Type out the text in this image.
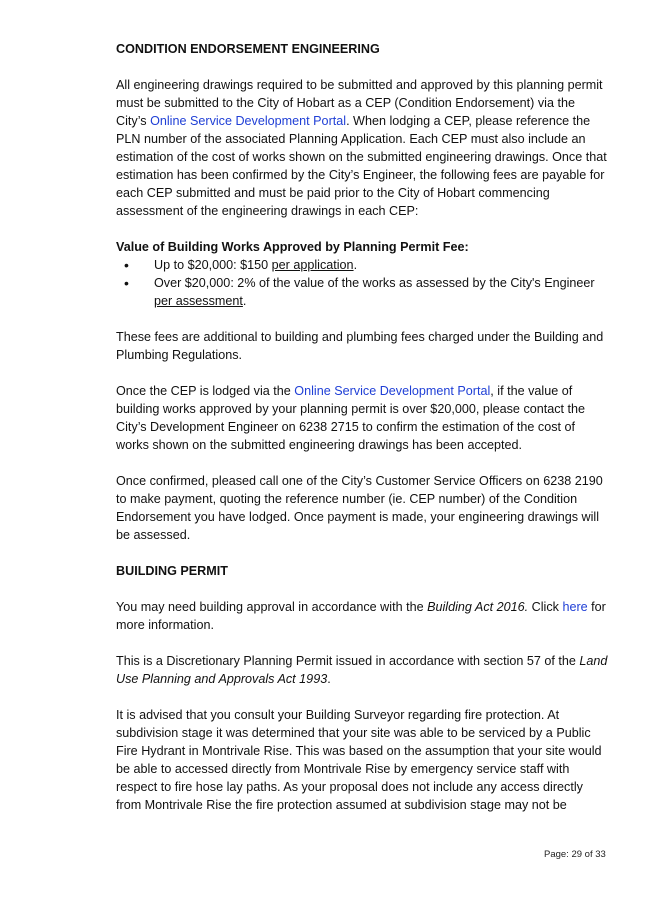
CONDITION ENDORSEMENT ENGINEERING

All engineering drawings required to be submitted and approved by this planning permit must be submitted to the City of Hobart as a CEP (Condition Endorsement) via the City’s Online Service Development Portal. When lodging a CEP, please reference the PLN number of the associated Planning Application. Each CEP must also include an estimation of the cost of works shown on the submitted engineering drawings. Once that estimation has been confirmed by the City’s Engineer, the following fees are payable for each CEP submitted and must be paid prior to the City of Hobart commencing assessment of the engineering drawings in each CEP:

Value of Building Works Approved by Planning Permit Fee:
• Up to $20,000: $150 per application.
• Over $20,000: 2% of the value of the works as assessed by the City's Engineer per assessment.

These fees are additional to building and plumbing fees charged under the Building and Plumbing Regulations.

Once the CEP is lodged via the Online Service Development Portal, if the value of building works approved by your planning permit is over $20,000, please contact the City’s Development Engineer on 6238 2715 to confirm the estimation of the cost of works shown on the submitted engineering drawings has been accepted.

Once confirmed, pleased call one of the City’s Customer Service Officers on 6238 2190 to make payment, quoting the reference number (ie. CEP number) of the Condition Endorsement you have lodged. Once payment is made, your engineering drawings will be assessed.

BUILDING PERMIT

You may need building approval in accordance with the Building Act 2016. Click here for more information.

This is a Discretionary Planning Permit issued in accordance with section 57 of the Land Use Planning and Approvals Act 1993.

It is advised that you consult your Building Surveyor regarding fire protection. At subdivision stage it was determined that your site was able to be serviced by a Public Fire Hydrant in Montrivale Rise. This was based on the assumption that your site would be able to accessed directly from Montrivale Rise by emergency service staff with respect to fire hose lay paths. As your proposal does not include any access directly from Montrivale Rise the fire protection assumed at subdivision stage may not be

Page: 29 of 33
